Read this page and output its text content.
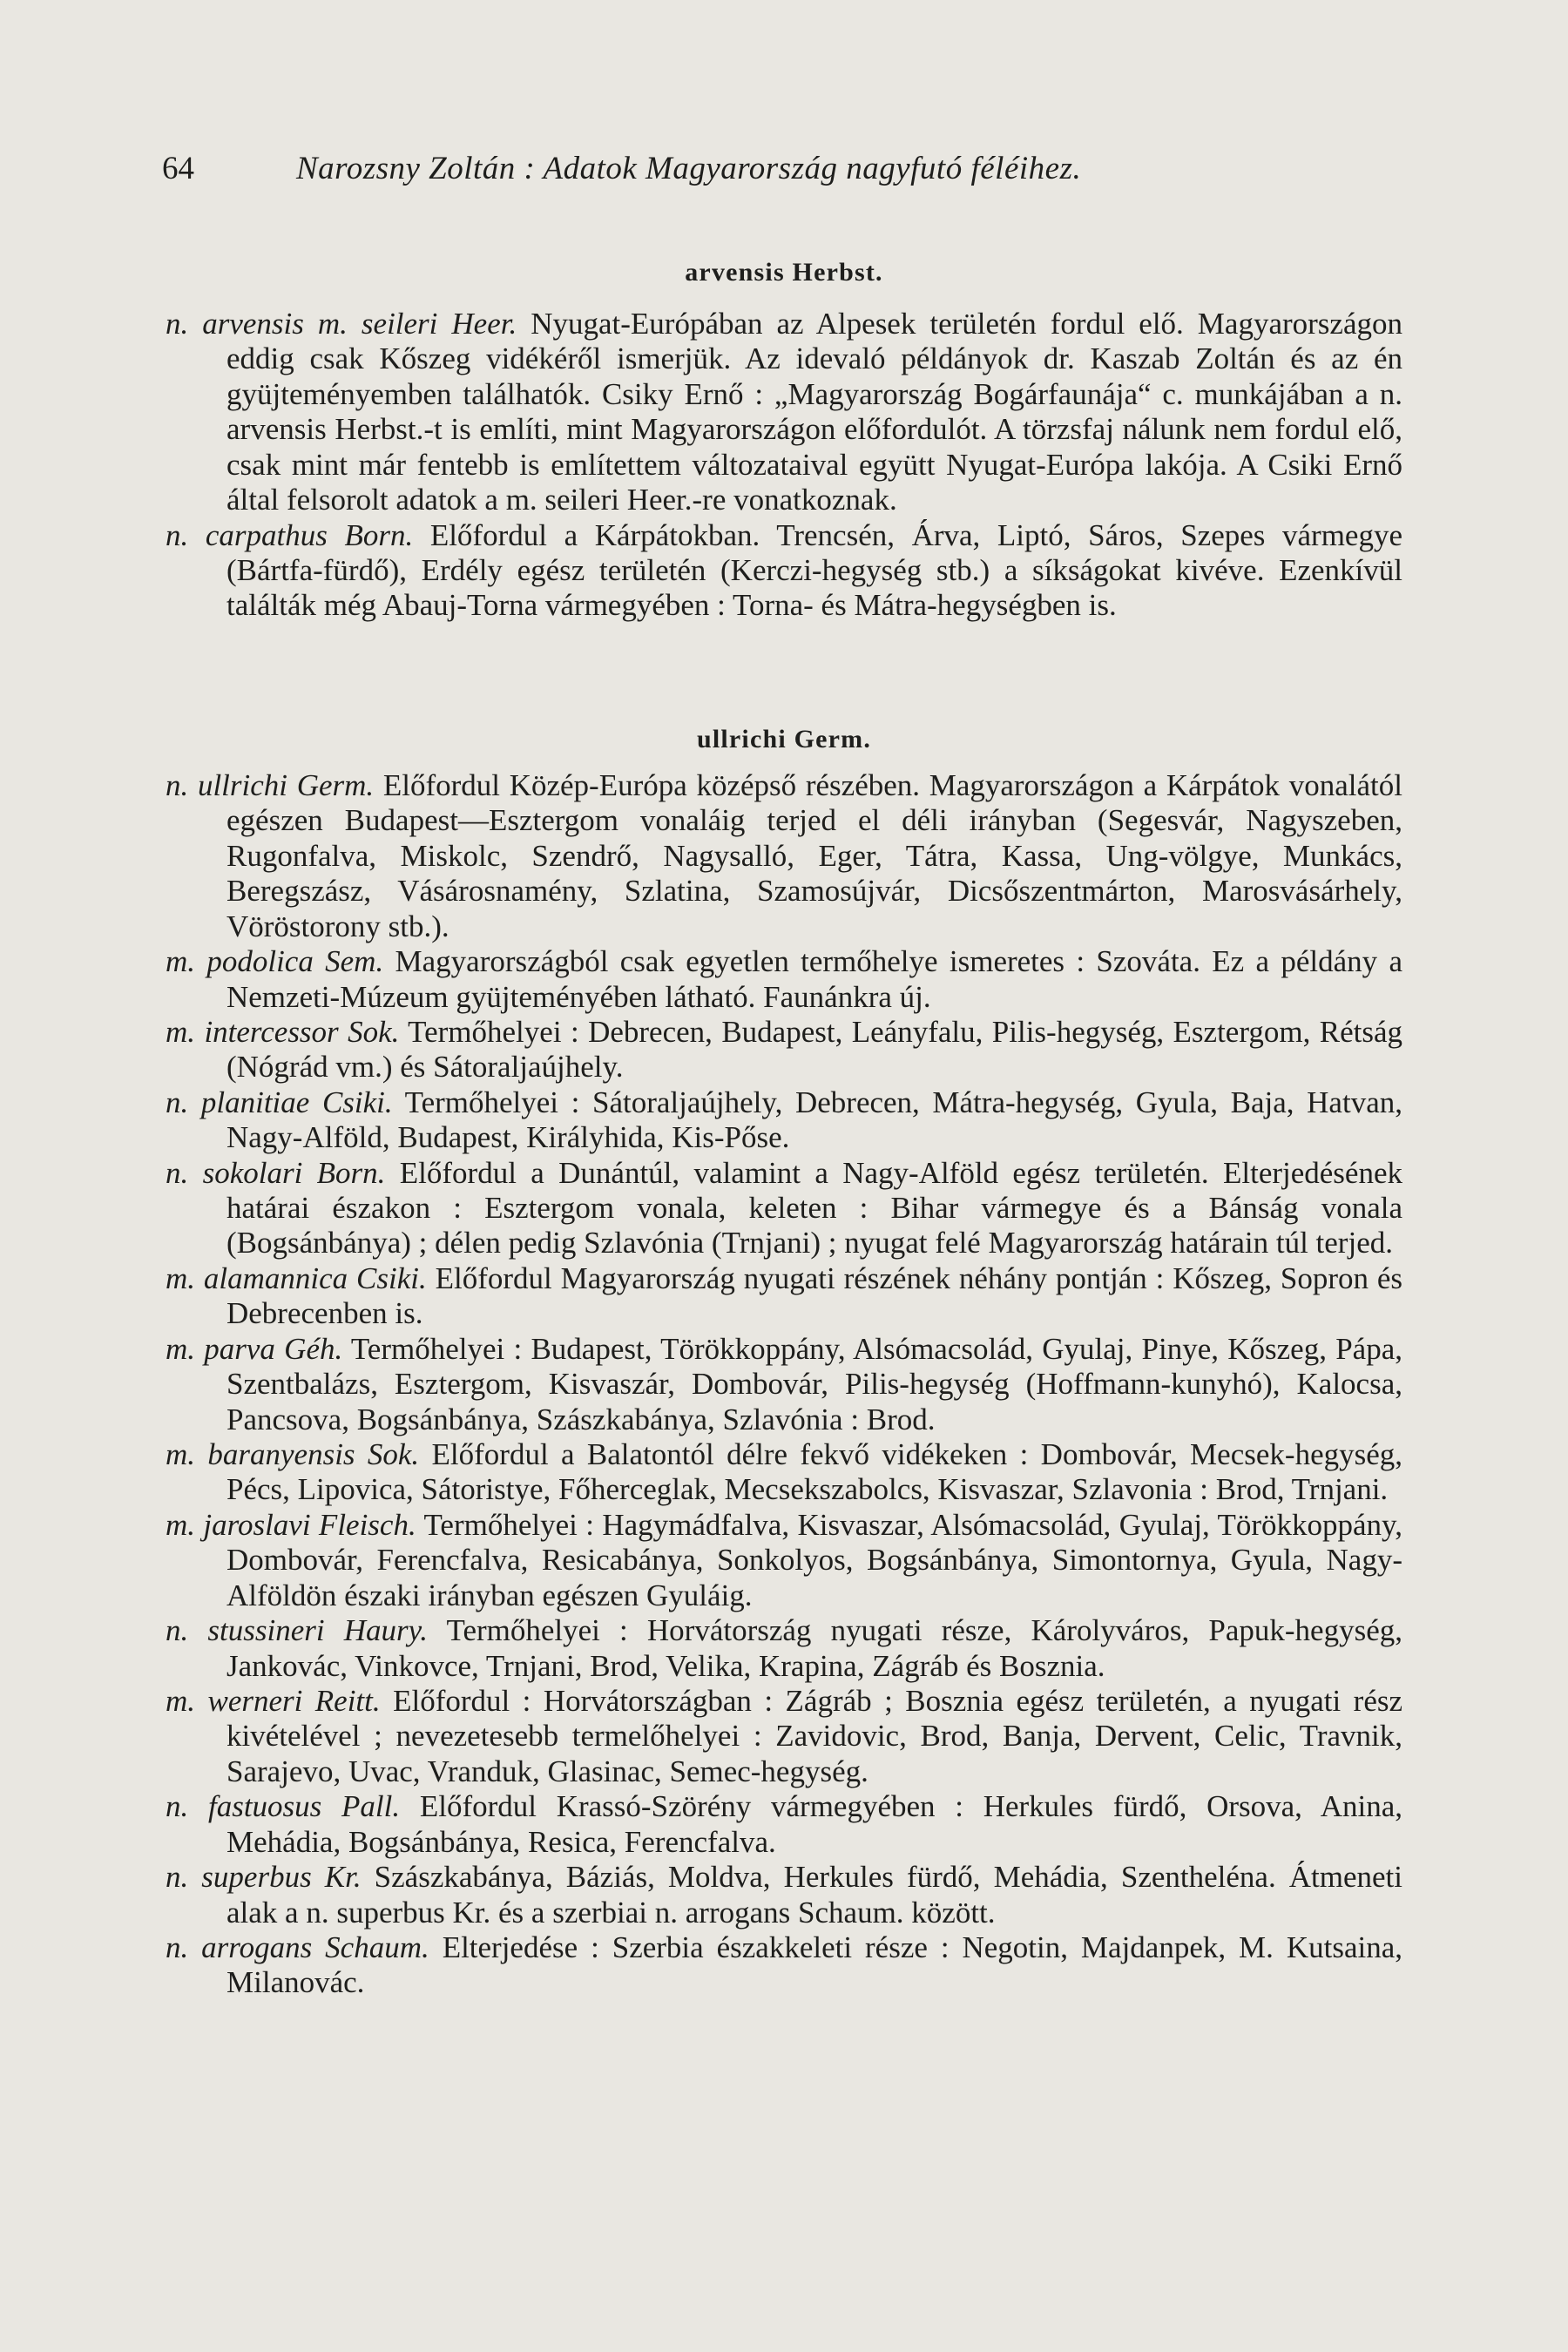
64	Narozsny Zoltán : Adatok Magyarország nagyfutó féléihez.
arvensis Herbst.

n. arvensis m. seileri Heer. Nyugat-Európában az Alpesek területén fordul elő. Magyarországon eddig csak Kőszeg vidékéről ismerjük. Az idevaló példányok dr. Kaszab Zoltán és az én gyüjteményemben találhatók. Csiky Ernő : „Magyarország Bogárfaunája“ c. munkájában a n. arvensis Herbst.-t is említi, mint Magyarországon előfordulót. A törzsfaj nálunk nem fordul elő, csak mint már fentebb is említettem változataival együtt Nyugat-Európa lakója. A Csiki Ernő által felsorolt adatok a m. seileri Heer.-re vonatkoznak.

n. carpathus Born. Előfordul a Kárpátokban. Trencsén, Árva, Liptó, Sáros, Szepes vármegye (Bártfa-fürdő), Erdély egész területén (Kerczi-hegység stb.) a síkságokat kivéve. Ezenkívül találták még Abauj-Torna vármegyében : Torna- és Mátra-hegységben is.

ullrichi Germ.

n. ullrichi Germ. Előfordul Közép-Európa középső részében. Magyarországon a Kárpátok vonalától egészen Budapest—Esztergom vonaláig terjed el déli irányban (Segesvár, Nagyszeben, Rugonfalva, Miskolc, Szendrő, Nagysalló, Eger, Tátra, Kassa, Ung-völgye, Munkács, Beregszász, Vásárosnamény, Szlatina, Szamosújvár, Dicsőszentmárton, Marosvásárhely, Vöröstorony stb.).

m. podolica Sem. Magyarországból csak egyetlen termőhelye ismeretes : Szováta. Ez a példány a Nemzeti-Múzeum gyüjteményében látható. Faunánkra új.

m. intercessor Sok. Termőhelyei : Debrecen, Budapest, Leányfalu, Pilis-hegység, Esztergom, Rétság (Nógrád vm.) és Sátoraljaújhely.

n. planitiae Csiki. Termőhelyei : Sátoraljaújhely, Debrecen, Mátra-hegység, Gyula, Baja, Hatvan, Nagy-Alföld, Budapest, Királyhida, Kis-Pőse.

n. sokolari Born. Előfordul a Dunántúl, valamint a Nagy-Alföld egész területén. Elterjedésének határai északon : Esztergom vonala, keleten : Bihar vármegye és a Bánság vonala (Bogsánbánya) ; délen pedig Szlavónia (Trnjani) ; nyugat felé Magyarország határain túl terjed.

m. alamannica Csiki. Előfordul Magyarország nyugati részének néhány pontján : Kőszeg, Sopron és Debrecenben is.

m. parva Géh. Termőhelyei : Budapest, Törökkoppány, Alsómacsolád, Gyulaj, Pinye, Kőszeg, Pápa, Szentbalázs, Esztergom, Kisvaszár, Dombovár, Pilis-hegység (Hoffmann-kunyhó), Kalocsa, Pancsova, Bogsánbánya, Szászkabánya, Szlavónia : Brod.

m. baranyensis Sok. Előfordul a Balatontól délre fekvő vidékeken : Dombovár, Mecsek-hegység, Pécs, Lipovica, Sátoristye, Főherceglak, Mecsekszabolcs, Kisvaszar, Szlavonia : Brod, Trnjani.

m. jaroslavi Fleisch. Termőhelyei : Hagymádfalva, Kisvaszar, Alsómacsolád, Gyulaj, Törökkoppány, Dombovár, Ferencfalva, Resicabánya, Sonkolyos, Bogsánbánya, Simontornya, Gyula, Nagy-Alföldön északi irányban egészen Gyuláig.

n. stussineri Haury. Termőhelyei : Horvátország nyugati része, Károlyváros, Papuk-hegység, Jankovác, Vinkovce, Trnjani, Brod, Velika, Krapina, Zágráb és Bosznia.

m. werneri Reitt. Előfordul : Horvátországban : Zágráb ; Bosznia egész területén, a nyugati rész kivételével ; nevezetesebb termelőhelyei : Zavidovic, Brod, Banja, Dervent, Celic, Travnik, Sarajevo, Uvac, Vranduk, Glasinac, Semec-hegység.

n. fastuosus Pall. Előfordul Krassó-Szörény vármegyében : Herkules fürdő, Orsova, Anina, Mehádia, Bogsánbánya, Resica, Ferencfalva.

n. superbus Kr. Szászkabánya, Báziás, Moldva, Herkules fürdő, Mehádia, Szentheléna. Átmeneti alak a n. superbus Kr. és a szerbiai n. arrogans Schaum. között.

n. arrogans Schaum. Elterjedése : Szerbia északkeleti része : Negotin, Majdanpek, M. Kutsaina, Milanovác.
